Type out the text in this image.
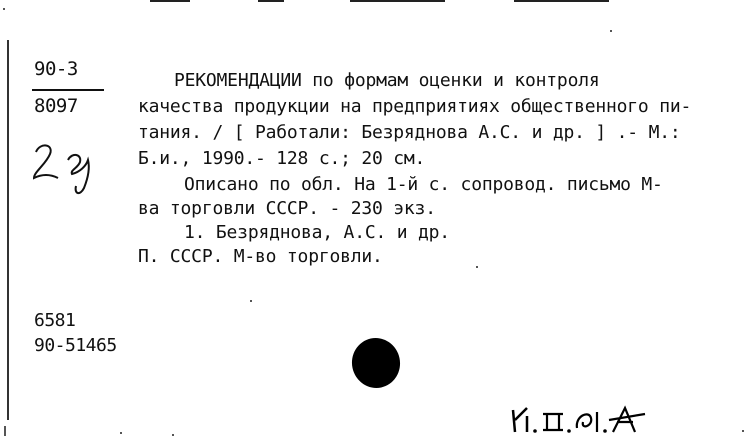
90-3
8097
РЕКОМЕНДАЦИИ по формам оценки и контроля
качества продукции на предприятиях общественного пи-
тания. / [ Работали: Безряднова А.С. и др. ] .- М.:
Б.и., 1990.- 128 с.; 20 см.
Описано по обл. На 1-й с. сопровод. письмо М-
ва торговли СССР. - 230 экз.
1. Безряднова, А.С. и др.
П. СССР. М-во торговли.
6581
90-51465
